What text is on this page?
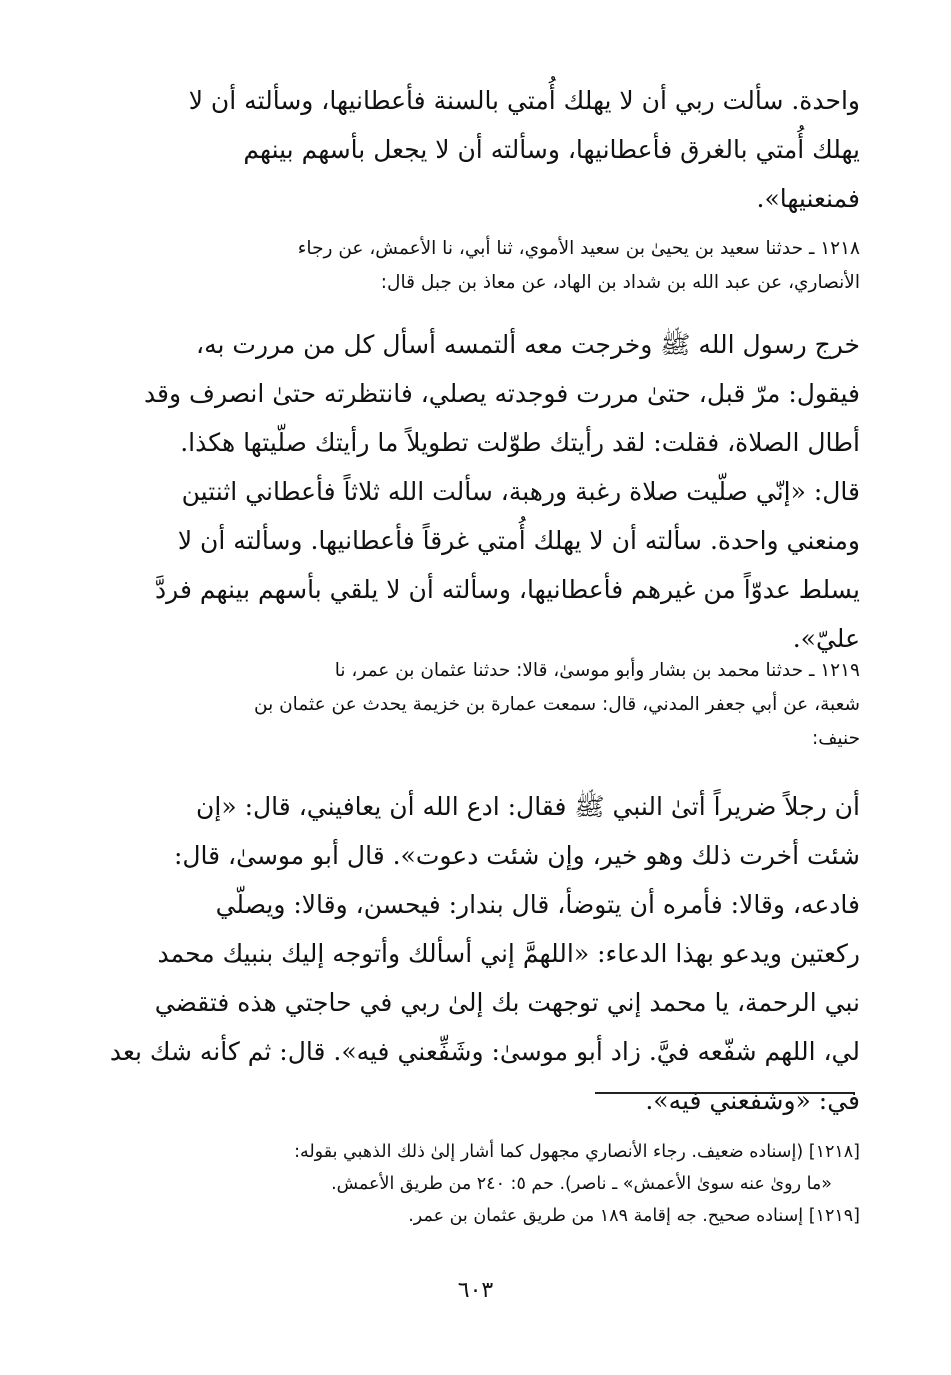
واحدة. سألت ربي أن لا يهلك أُمتي بالسنة فأعطانيها، وسألته أن لا
يهلك أُمتي بالغرق فأعطانيها، وسألته أن لا يجعل بأسهم بينهم
فمنعنيها».
١٢١٨ ـ حدثنا سعيد بن يحيىٰ بن سعيد الأموي، ثنا أبي، نا الأعمش، عن رجاء
الأنصاري، عن عبد الله بن شداد بن الهاد، عن معاذ بن جبل قال:
خرج رسول الله ﷺ وخرجت معه ألتمسه أسأل كل من مررت به،
فيقول: مرّ قبل، حتىٰ مررت فوجدته يصلي، فانتظرته حتىٰ انصرف وقد
أطال الصلاة، فقلت: لقد رأيتك طوّلت تطويلاً ما رأيتك صلّيتها هكذا.
قال: «إنّي صلّيت صلاة رغبة ورهبة، سألت الله ثلاثاً فأعطاني اثنتين
ومنعني واحدة. سألته أن لا يهلك أُمتي غرقاً فأعطانيها. وسألته أن لا
يسلط عدوّاً من غيرهم فأعطانيها، وسألته أن لا يلقي بأسهم بينهم فردَّ
عليّ».
١٢١٩ ـ حدثنا محمد بن بشار وأبو موسىٰ، قالا: حدثنا عثمان بن عمر، نا
شعبة، عن أبي جعفر المدني، قال: سمعت عمارة بن خزيمة يحدث عن عثمان بن
حنيف:
أن رجلاً ضريراً أتىٰ النبي ﷺ فقال: ادع الله أن يعافيني، قال: «إن
شئت أخرت ذلك وهو خير، وإن شئت دعوت». قال أبو موسىٰ، قال:
فادعه، وقالا: فأمره أن يتوضأ، قال بندار: فيحسن، وقالا: ويصلّي
ركعتين ويدعو بهذا الدعاء: «اللهمَّ إني أسألك وأتوجه إليك بنبيك محمد
نبي الرحمة، يا محمد إني توجهت بك إلىٰ ربي في حاجتي هذه فتقضي
لي، اللهم شفّعه فيَّ. زاد أبو موسىٰ: وشَفِّعني فيه». قال: ثم كأنه شك بعد
في: «وشفعني فيه».
[١٢١٨] (إسناده ضعيف. رجاء الأنصاري مجهول كما أشار إلىٰ ذلك الذهبي بقوله:
«ما روىٰ عنه سوىٰ الأعمش» ـ ناصر). حم ٥: ٢٤٠ من طريق الأعمش.
[١٢١٩] إسناده صحيح. جه إقامة ١٨٩ من طريق عثمان بن عمر.
٦٠٣
